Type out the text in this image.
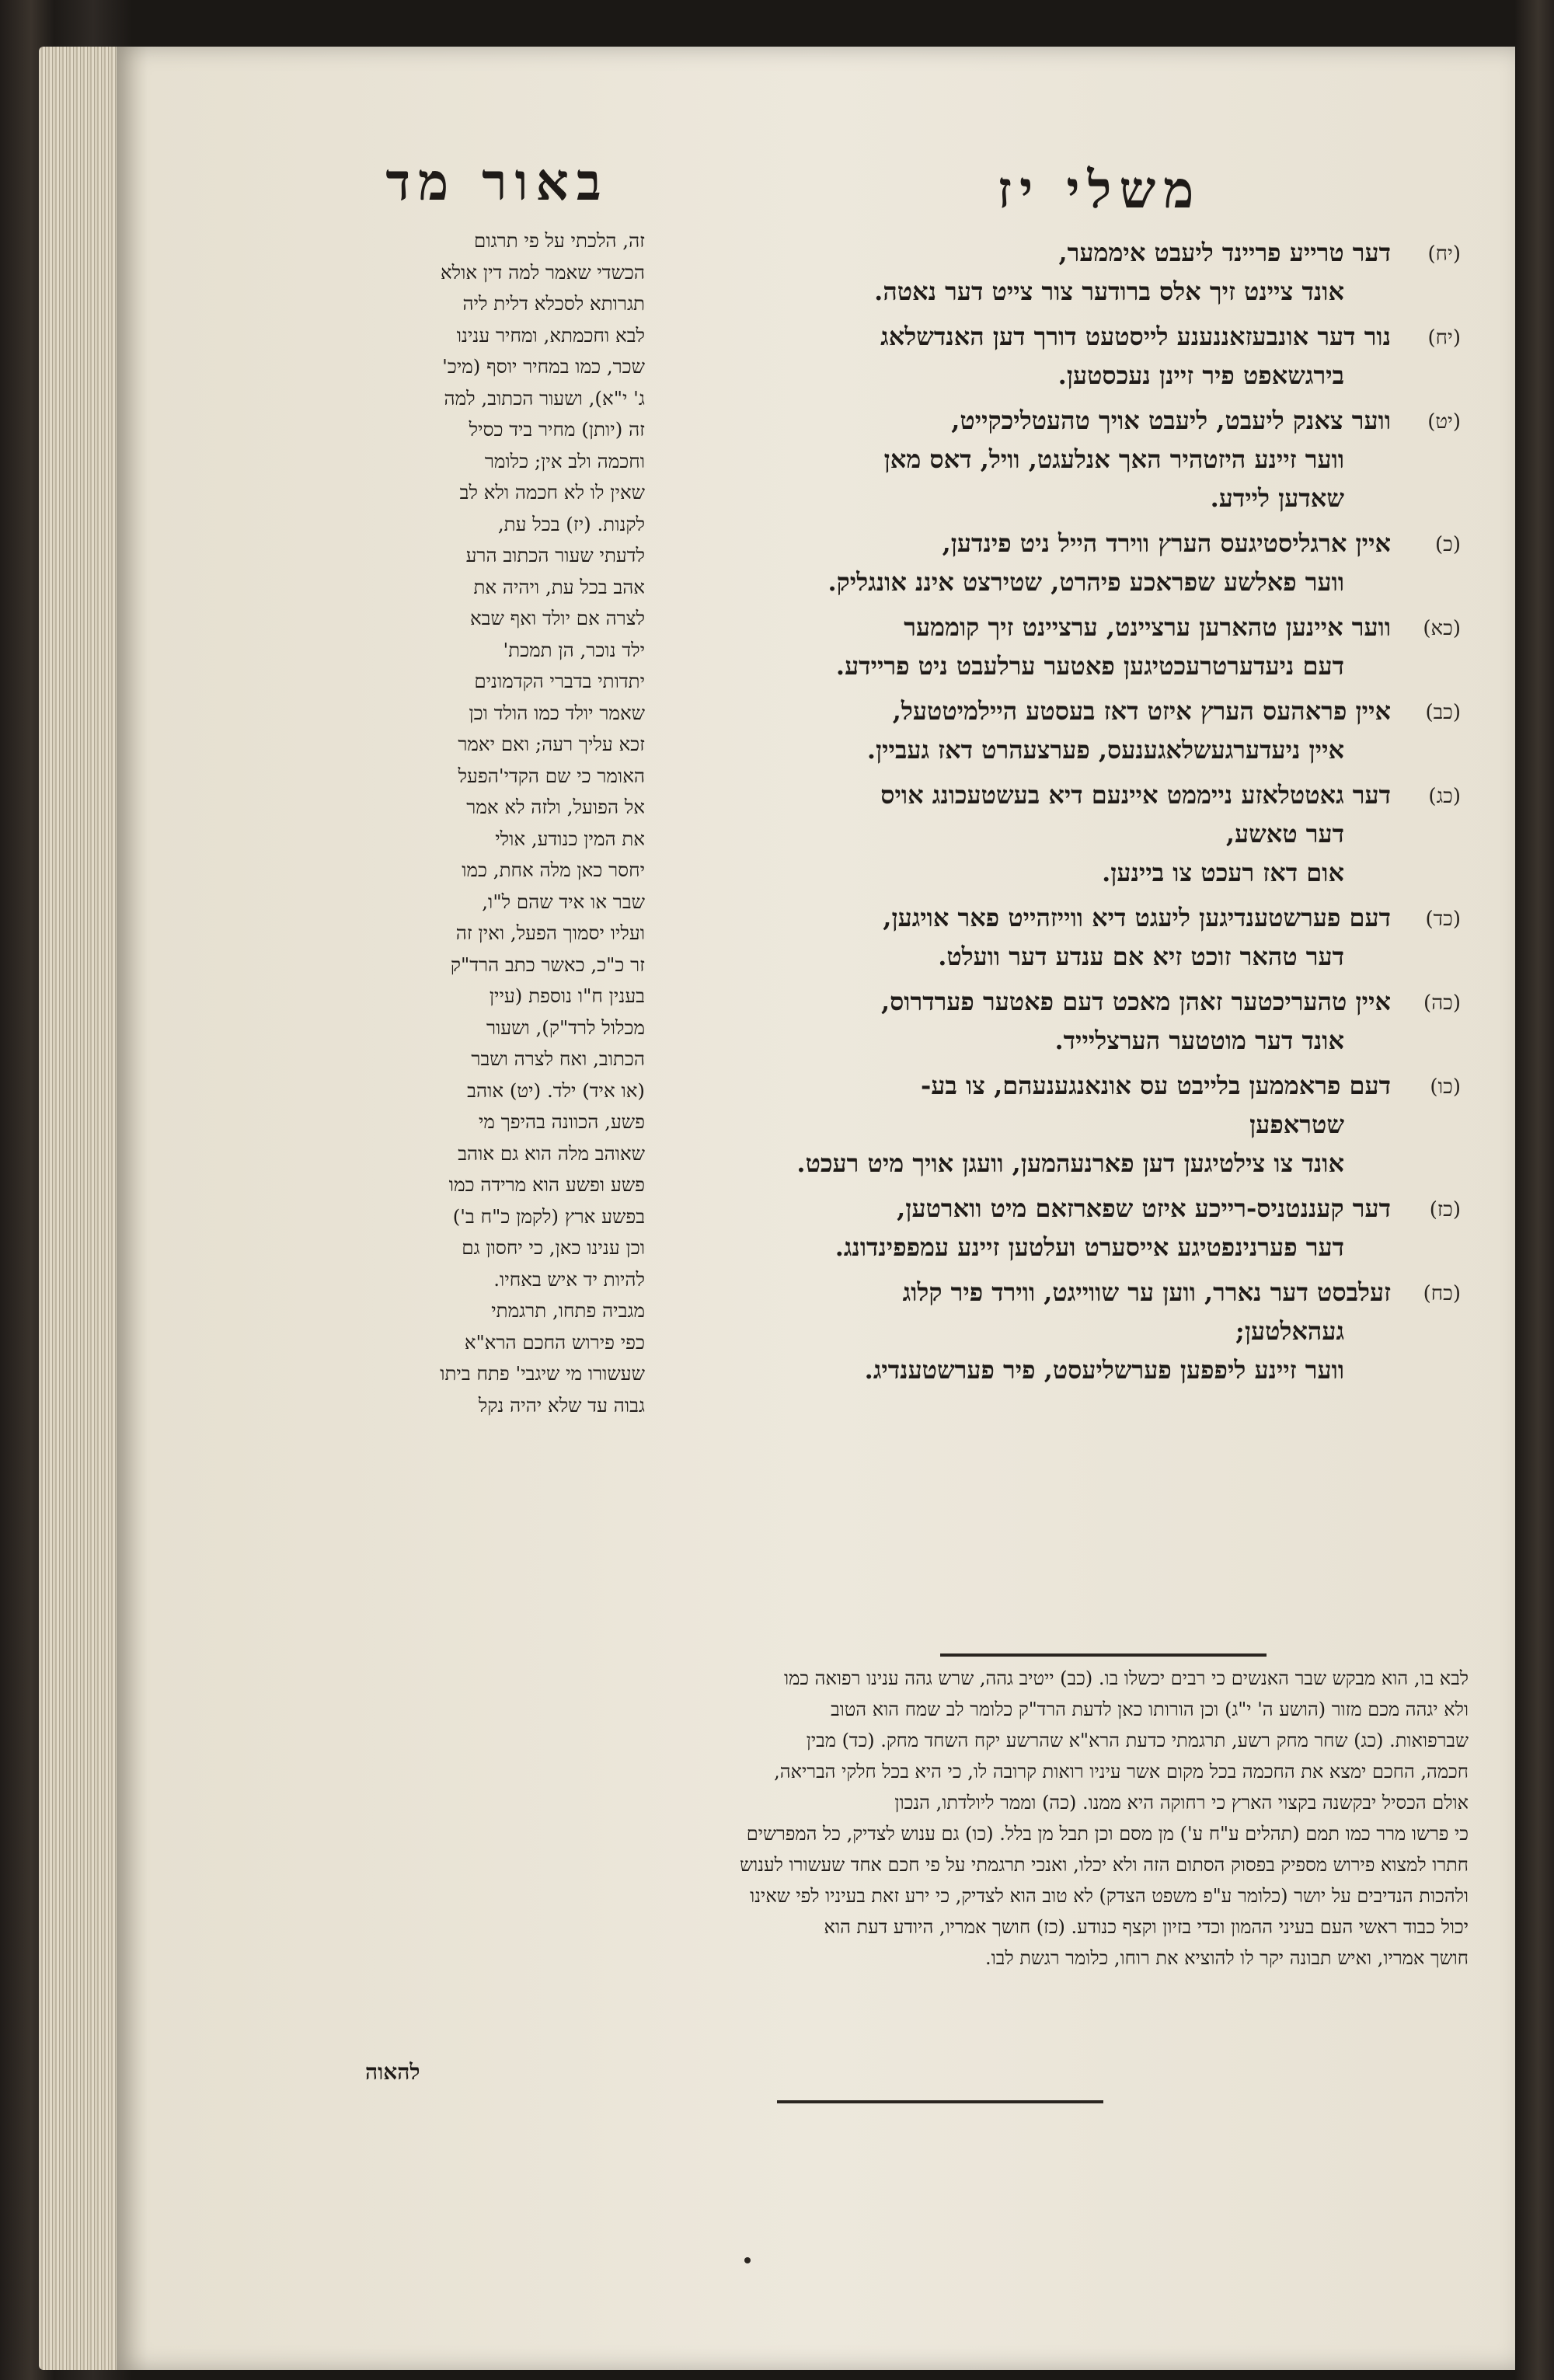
משלי יז
באור מד
(יח)
דער טרייע פריינד ליעבט איממער,
אונד ציינט זיך אלס ברודער צור צייט דער נאטה.
(יח)
נור דער אונבעזאננענע לייסטעט דורך דען האנדשלאג
בירגשאפט פיר זיינן נעכסטען.
(יט)
ווער צאנק ליעבט, ליעבט אויך טהעטליכקייט,
ווער זיינע היזטהיר האך אנלעגט, וויל, דאס מאן
שאדען ליידע.
(כ)
איין ארגליסטיגעס הערץ ווירד הייל ניט פינדען,
ווער פאלשע שפראכע פיהרט, שטירצט איננ אונגליק.
(כא)
ווער איינען טהארען ערציינט, ערציינט זיך קוממער
דעם ניעדערטרעכטיגען פאטער ערלעבט ניט פריידע.
(כב)
איין פראהעס הערץ איזט דאז בעסטע היילמיטטעל,
איין ניעדערגעשלאגענעס, פערצעהרט דאז געביין.
(כג)
דער גאטטלאזע נייממט איינעם דיא בעשטעכונג אויס
דער טאשע,
אום דאז רעכט צו ביינען.
(כד)
דעם פערשטענדיגען ליעגט דיא ווייזהייט פאר אויגען,
דער טהאר זוכט זיא אם ענדע דער וועלט.
(כה)
איין טהעריכטער זאהן מאכט דעם פאטער פערדרוס,
אונד דער מוטטער הערצליייד.
(כו)
דעם פראממען בלייבט עס אונאנגענעהם, צו בע-
שטראפען
אונד צו צילטיגען דען פארנעהמען, וועגן אויך מיט רעכט.
(כז)
דער קעננטניס-רייכע איזט שפארזאם מיט ווארטען,
דער פערנינפטיגע אייסערט ועלטען זיינע עמפפינדונג.
(כח)
זעלבסט דער נארר, ווען ער שווייגט, ווירד פיר קלוג
געהאלטען;
ווער זיינע ליפפען פערשליעסט, פיר פערשטענדיג.
זה, הלכתי על פי תרגום
הכשדי שאמר למה דין אולא
תגרותא לסכלא דלית ליה
לבא וחכמתא, ומחיר ענינו
שכר, כמו במחיר יוסף (מיכ'
ג' י"א), ושעור הכתוב, למה
זה (יותן) מחיר ביד כסיל
וחכמה ולב אין; כלומר
שאין לו לא חכמה ולא לב
לקנות. (יז) בכל עת,
לדעתי שעור הכתוב הרע
אהב בכל עת, ויהיה את
לצרה אם יולד ואף שבא
ילד נוכר, הן תמכת'
יתדותי בדברי הקדמונים
שאמר יולד כמו הולד וכן
זכא עליך רעה; ואם יאמר
האומר כי שם הקדי'הפעל
אל הפועל, ולזה לא אמר
את המין כנודע, אולי
יחסר כאן מלה אחת, כמו
שבר או איד שהם ל"ו,
ועליו יסמוך הפעל, ואין זה
זר כ"כ, כאשר כתב הרד"ק
בענין ח"ו נוספת (עיין
מכלול לרד"ק), ושעור
הכתוב, ואח לצרה ושבר
(או איד) ילד. (יט) אוהב
פשע, הכוונה בהיפך מי
שאוהב מלה הוא גם אוהב
פשע ופשע הוא מרידה כמו
בפשע ארץ (לקמן כ"ח ב')
וכן ענינו כאן, כי יחסון גם
להיות יד איש באחיו.
מגביה פתחו, תרגמתי
כפי פירוש החכם הרא"א
שעשורו מי שיגבי' פתח ביתו
גבוה עד שלא יהיה נקל
לבא בו, הוא מבקש שבר האנשים כי רבים יכשלו בו. (כב) ייטיב גהה, שרש גהה ענינו רפואה כמו
ולא יגהה מכם מזור (הושע ה' י"ג) וכן הורותו כאן לדעת הרד"ק כלומר לב שמח הוא הטוב
שברפואות. (כג) שחר מחק רשע, תרגמתי כדעת הרא"א שהרשע יקח השחד מחק. (כד) מבין
חכמה, החכם ימצא את החכמה בכל מקום אשר עיניו רואות קרובה לו, כי היא בכל חלקי הבריאה,
אולם הכסיל יבקשנה בקצוי הארץ כי רחוקה היא ממנו. (כה) וממר ליולדתו, הנכון
כי פרשו מרר כמו תמם (תהלים ע"ח ע') מן מסם וכן תבל מן בלל. (כו) גם ענוש לצדיק, כל המפרשים
חתרו למצוא פירוש מספיק בפסוק הסתום הזה ולא יכלו, ואנכי תרגמתי על פי חכם אחד שעשורו לענוש
ולהכות הנדיבים על יושר (כלומר ע"פ משפט הצדק) לא טוב הוא לצדיק, כי ירע זאת בעיניו לפי שאינו
יכול כבוד ראשי העם בעיני ההמון וכדי בזיון וקצף כנודע. (כז) חושך אמריו, היודע דעת הוא
חושך אמריו, ואיש תבונה יקר לו להוציא את רוחו, כלומר רגשת לבו.
להאוה
